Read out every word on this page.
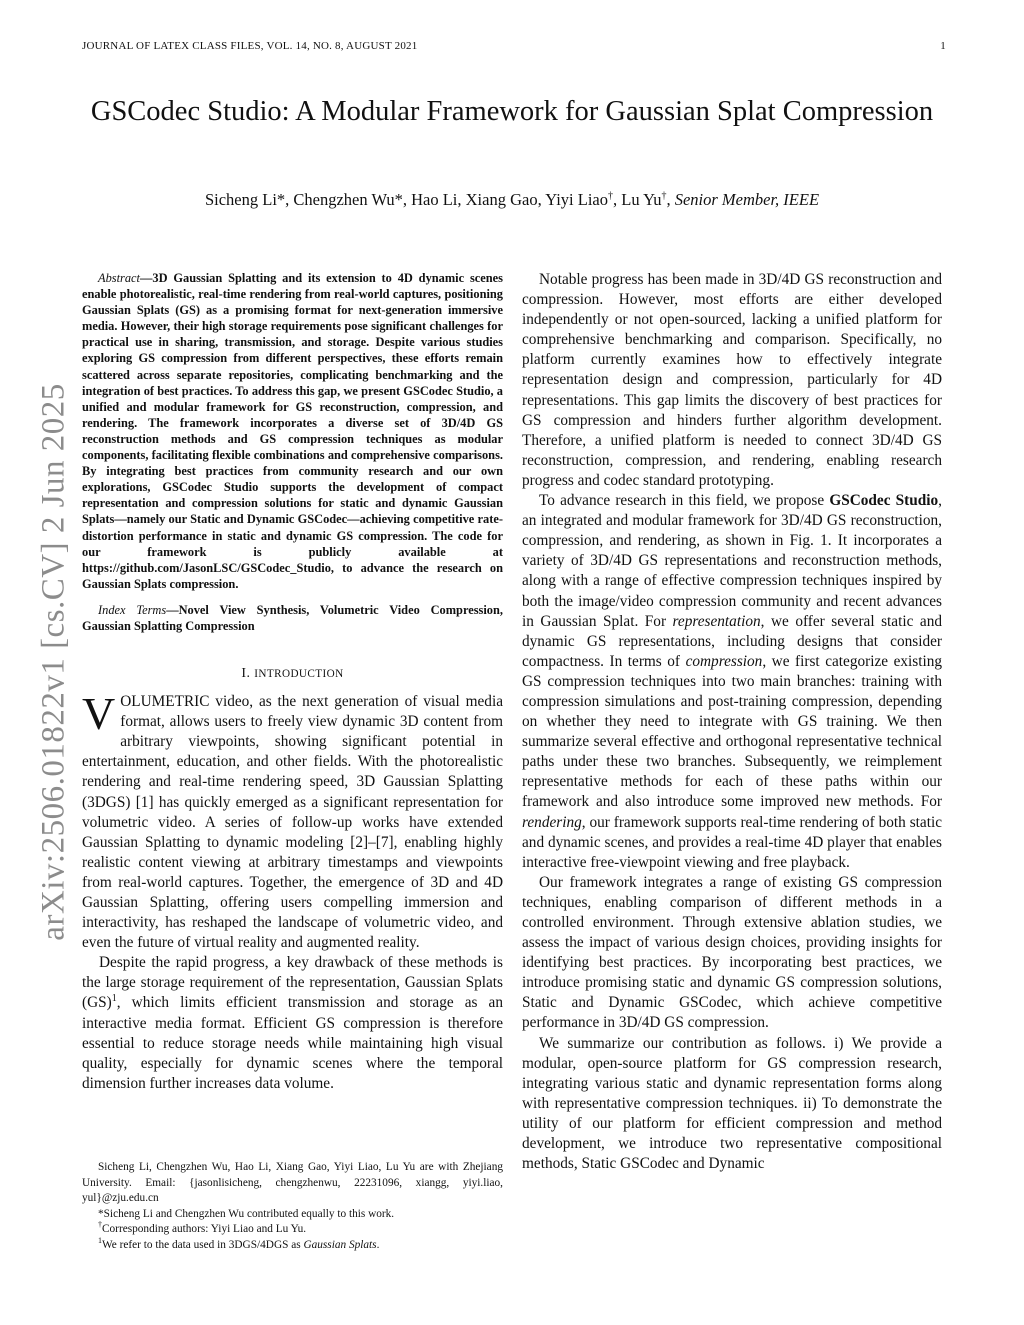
JOURNAL OF LATEX CLASS FILES, VOL. 14, NO. 8, AUGUST 2021	1
arXiv:2506.01822v1 [cs.CV] 2 Jun 2025
GSCodec Studio: A Modular Framework for Gaussian Splat Compression
Sicheng Li*, Chengzhen Wu*, Hao Li, Xiang Gao, Yiyi Liao†, Lu Yu†, Senior Member, IEEE

Abstract—3D Gaussian Splatting and its extension to 4D dynamic scenes enable photorealistic, real-time rendering from real-world captures, positioning Gaussian Splats (GS) as a promising format for next-generation immersive media. However, their high storage requirements pose significant challenges for practical use in sharing, transmission, and storage. Despite various studies exploring GS compression from different perspectives, these efforts remain scattered across separate repositories, complicating benchmarking and the integration of best practices. To address this gap, we present GSCodec Studio, a unified and modular framework for GS reconstruction, compression, and rendering. The framework incorporates a diverse set of 3D/4D GS reconstruction methods and GS compression techniques as modular components, facilitating flexible combinations and comprehensive comparisons. By integrating best practices from community research and our own explorations, GSCodec Studio supports the development of compact representation and compression solutions for static and dynamic Gaussian Splats—namely our Static and Dynamic GSCodec—achieving competitive rate-distortion performance in static and dynamic GS compression. The code for our framework is publicly available at https://github.com/JasonLSC/GSCodec_Studio, to advance the research on Gaussian Splats compression.

Index Terms—Novel View Synthesis, Volumetric Video Compression, Gaussian Splatting Compression

I. INTRODUCTION

VOLUMETRIC video, as the next generation of visual media format, allows users to freely view dynamic 3D content from arbitrary viewpoints, showing significant potential in entertainment, education, and other fields. With the photorealistic rendering and real-time rendering speed, 3D Gaussian Splatting (3DGS) [1] has quickly emerged as a significant representation for volumetric video. A series of follow-up works have extended Gaussian Splatting to dynamic modeling [2]–[7], enabling highly realistic content viewing at arbitrary timestamps and viewpoints from real-world captures. Together, the emergence of 3D and 4D Gaussian Splatting, offering users compelling immersion and interactivity, has reshaped the landscape of volumetric video, and even the future of virtual reality and augmented reality.

Despite the rapid progress, a key drawback of these methods is the large storage requirement of the representation, Gaussian Splats (GS)$^1$, which limits efficient transmission and storage as an interactive media format. Efficient GS compression is therefore essential to reduce storage needs while maintaining high visual quality, especially for dynamic scenes where the temporal dimension further increases data volume.

Sicheng Li, Chengzhen Wu, Hao Li, Xiang Gao, Yiyi Liao, Lu Yu are with Zhejiang University. Email: {jasonlisicheng, chengzhenwu, 22231096, xiangg, yiyi.liao, yul}@zju.edu.cn

*Sicheng Li and Chengzhen Wu contributed equally to this work.

†Corresponding authors: Yiyi Liao and Lu Yu.

$^1$We refer to the data used in 3DGS/4DGS as Gaussian Splats.

Notable progress has been made in 3D/4D GS reconstruction and compression. However, most efforts are either developed independently or not open-sourced, lacking a unified platform for comprehensive benchmarking and comparison. Specifically, no platform currently examines how to effectively integrate representation design and compression, particularly for 4D representations. This gap limits the discovery of best practices for GS compression and hinders further algorithm development. Therefore, a unified platform is needed to connect 3D/4D GS reconstruction, compression, and rendering, enabling research progress and codec standard prototyping.

To advance research in this field, we propose GSCodec Studio, an integrated and modular framework for 3D/4D GS reconstruction, compression, and rendering, as shown in Fig. 1. It incorporates a variety of 3D/4D GS representations and reconstruction methods, along with a range of effective compression techniques inspired by both the image/video compression community and recent advances in Gaussian Splat. For representation, we offer several static and dynamic GS representations, including designs that consider compactness. In terms of compression, we first categorize existing GS compression techniques into two main branches: training with compression simulations and post-training compression, depending on whether they need to integrate with GS training. We then summarize several effective and orthogonal representative technical paths under these two branches. Subsequently, we reimplement representative methods for each of these paths within our framework and also introduce some improved new methods. For rendering, our framework supports real-time rendering of both static and dynamic scenes, and provides a real-time 4D player that enables interactive free-viewpoint viewing and free playback.

Our framework integrates a range of existing GS compression techniques, enabling comparison of different methods in a controlled environment. Through extensive ablation studies, we assess the impact of various design choices, providing insights for identifying best practices. By incorporating best practices, we introduce promising static and dynamic GS compression solutions, Static and Dynamic GSCodec, which achieve competitive performance in 3D/4D GS compression.

We summarize our contribution as follows. i) We provide a modular, open-source platform for GS compression research, integrating various static and dynamic representation forms along with representative compression techniques. ii) To demonstrate the utility of our platform for efficient compression and method development, we introduce two representative compositional methods, Static GSCodec and Dynamic
